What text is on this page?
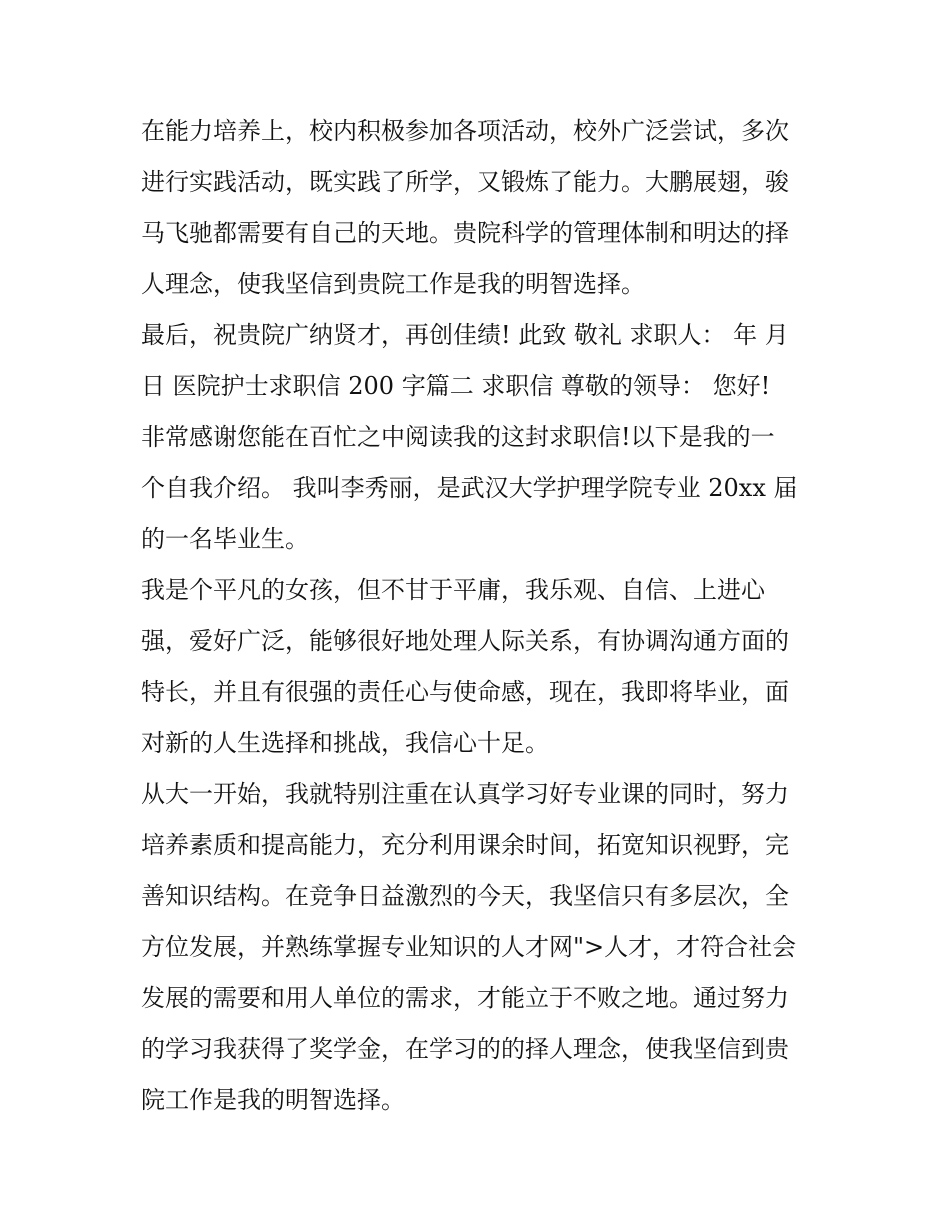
在能力培养上，校内积极参加各项活动，校外广泛尝试，多次
进行实践活动，既实践了所学，又锻炼了能力。大鹏展翅，骏
马飞驰都需要有自己的天地。贵院科学的管理体制和明达的择
人理念，使我坚信到贵院工作是我的明智选择。
最后，祝贵院广纳贤才，再创佳绩! 此致 敬礼 求职人： 年 月
日 医院护士求职信 200 字篇二 求职信 尊敬的领导： 您好!
非常感谢您能在百忙之中阅读我的这封求职信!以下是我的一
个自我介绍。 我叫李秀丽，是武汉大学护理学院专业 20xx 届
的一名毕业生。
我是个平凡的女孩，但不甘于平庸，我乐观、自信、上进心
强，爱好广泛，能够很好地处理人际关系，有协调沟通方面的
特长，并且有很强的责任心与使命感，现在，我即将毕业，面
对新的人生选择和挑战，我信心十足。
从大一开始，我就特别注重在认真学习好专业课的同时，努力
培养素质和提高能力，充分利用课余时间，拓宽知识视野，完
善知识结构。在竞争日益激烈的今天，我坚信只有多层次，全
方位发展，并熟练掌握专业知识的人才网">人才，才符合社会
发展的需要和用人单位的需求，才能立于不败之地。通过努力
的学习我获得了奖学金，在学习的的择人理念，使我坚信到贵
院工作是我的明智选择。
